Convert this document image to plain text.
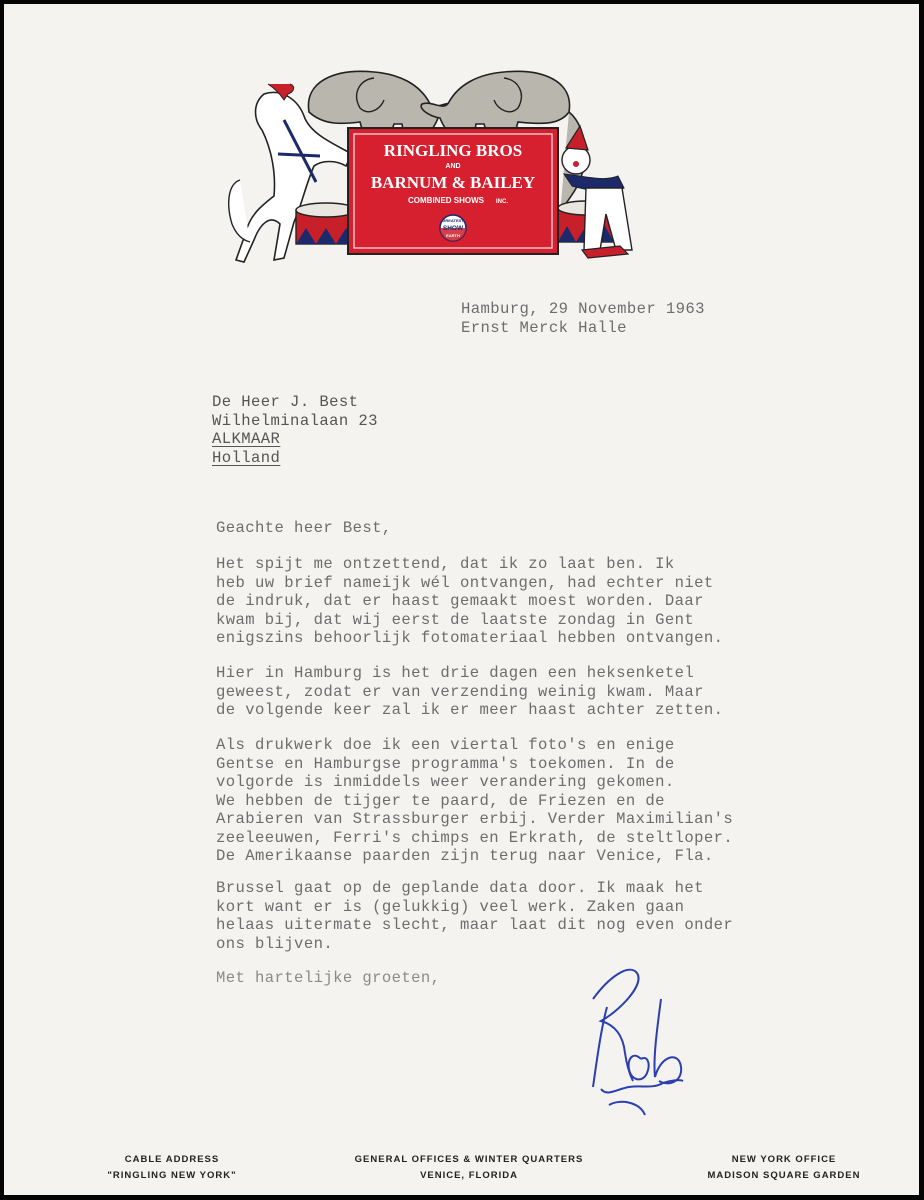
RINGLING BROS
AND
BARNUM & BAILEY
COMBINED SHOWS INC.
GREATEST
SHOW
EARTH
Hamburg, 29 November 1963
Ernst Merck Halle
De Heer J. Best
Wilhelminalaan 23
ALKMAAR
Holland
Geachte heer Best,
Het spijt me ontzettend, dat ik zo laat ben. Ik
heb uw brief nameijk wél ontvangen, had echter niet
de indruk, dat er haast gemaakt moest worden. Daar
kwam bij, dat wij eerst de laatste zondag in Gent
enigszins behoorlijk fotomateriaal hebben ontvangen.
Hier in Hamburg is het drie dagen een heksenketel
geweest, zodat er van verzending weinig kwam. Maar
de volgende keer zal ik er meer haast achter zetten.
Als drukwerk doe ik een viertal foto's en enige
Gentse en Hamburgse programma's toekomen. In de
volgorde is inmiddels weer verandering gekomen.
We hebben de tijger te paard, de Friezen en de
Arabieren van Strassburger erbij. Verder Maximilian's
zeeleeuwen, Ferri's chimps en Erkrath, de steltloper.
De Amerikaanse paarden zijn terug naar Venice, Fla.
Brussel gaat op de geplande data door. Ik maak het
kort want er is (gelukkig) veel werk. Zaken gaan
helaas uitermate slecht, maar laat dit nog even onder
ons blijven.
Met hartelijke groeten,
CABLE ADDRESS
"RINGLING NEW YORK"
GENERAL OFFICES & WINTER QUARTERS
VENICE, FLORIDA
NEW YORK OFFICE
MADISON SQUARE GARDEN
